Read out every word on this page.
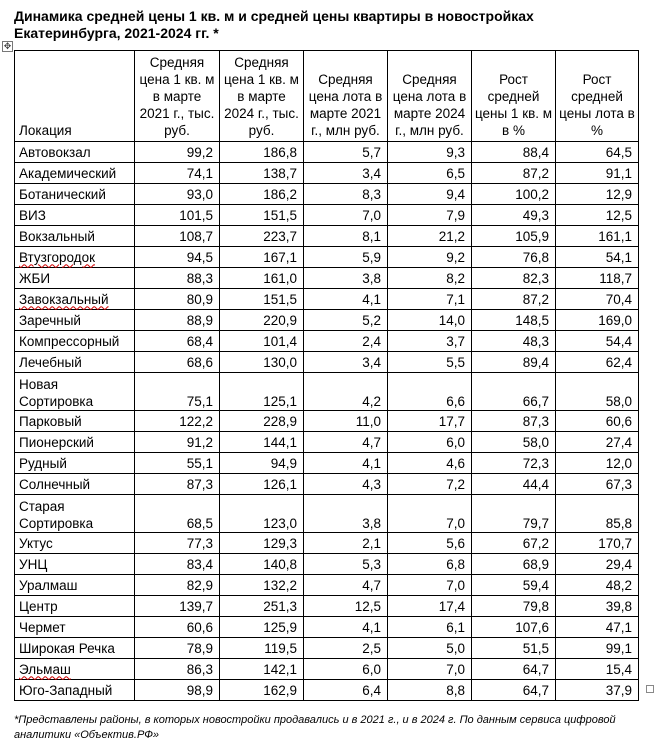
Динамика средней цены 1 кв. м и средней цены квартиры в новостройках Екатеринбурга, 2021-2024 гг. *
✥
Локация	Средняя цена 1 кв. м в марте 2021 г., тыс. руб.	Средняя цена 1 кв. м в марте 2024 г., тыс. руб.	Средняя цена лота в марте 2021 г., млн руб.	Средняя цена лота в марте 2024 г., млн руб.	Рост средней цены 1 кв. м в %	Рост средней цены лота в %
Автовокзал	99,2	186,8	5,7	9,3	88,4	64,5
Академический	74,1	138,7	3,4	6,5	87,2	91,1
Ботанический	93,0	186,2	8,3	9,4	100,2	12,9
ВИЗ	101,5	151,5	7,0	7,9	49,3	12,5
Вокзальный	108,7	223,7	8,1	21,2	105,9	161,1
Втузгородок	94,5	167,1	5,9	9,2	76,8	54,1
ЖБИ	88,3	161,0	3,8	8,2	82,3	118,7
Завокзальный	80,9	151,5	4,1	7,1	87,2	70,4
Заречный	88,9	220,9	5,2	14,0	148,5	169,0
Компрессорный	68,4	101,4	2,4	3,7	48,3	54,4
Лечебный	68,6	130,0	3,4	5,5	89,4	62,4
Новая Сортировка	75,1	125,1	4,2	6,6	66,7	58,0
Парковый	122,2	228,9	11,0	17,7	87,3	60,6
Пионерский	91,2	144,1	4,7	6,0	58,0	27,4
Рудный	55,1	94,9	4,1	4,6	72,3	12,0
Солнечный	87,3	126,1	4,3	7,2	44,4	67,3
Старая Сортировка	68,5	123,0	3,8	7,0	79,7	85,8
Уктус	77,3	129,3	2,1	5,6	67,2	170,7
УНЦ	83,4	140,8	5,3	6,8	68,9	29,4
Уралмаш	82,9	132,2	4,7	7,0	59,4	48,2
Центр	139,7	251,3	12,5	17,4	79,8	39,8
Чермет	60,6	125,9	4,1	6,1	107,6	47,1
Широкая Речка	78,9	119,5	2,5	5,0	51,5	99,1
Эльмаш	86,3	142,1	6,0	7,0	64,7	15,4
Юго-Западный	98,9	162,9	6,4	8,8	64,7	37,9
*Представлены районы, в которых новостройки продавались и в 2021 г., и в 2024 г. По данным сервиса цифровой аналитики «Объектив.РФ»
